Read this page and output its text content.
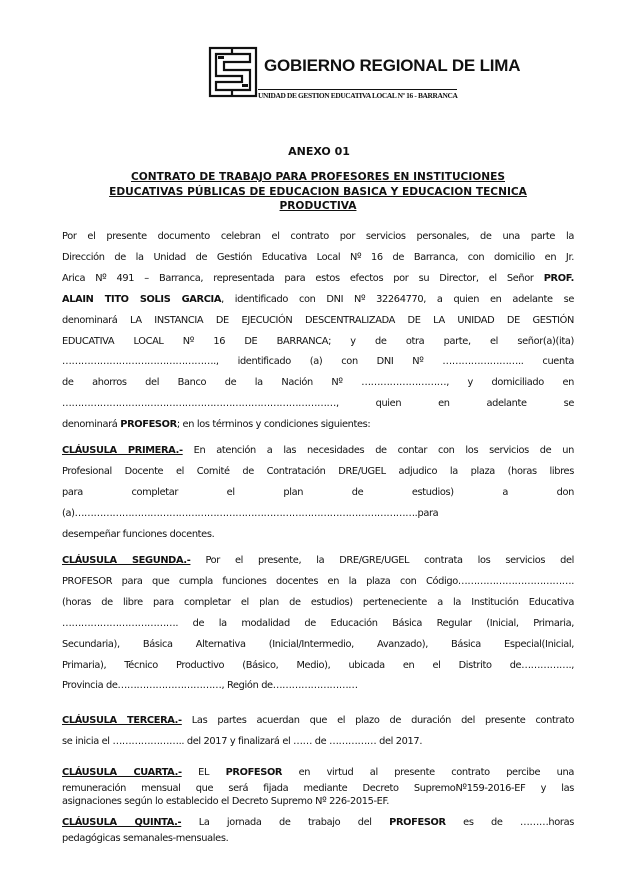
GOBIERNO REGIONAL DE LIMA
UNIDAD DE GESTION EDUCATIVA LOCAL Nº 16 - BARRANCA
ANEXO 01
CONTRATO DE TRABAJO PARA PROFESORES EN INSTITUCIONES
EDUCATIVAS PÚBLICAS DE EDUCACION BASICA Y EDUCACION TECNICA
PRODUCTIVA

Por el presente documento celebran el contrato por servicios personales, de una parte la

Dirección de la Unidad de Gestión Educativa Local Nº 16 de Barranca, con domicilio en Jr.

Arica Nº 491 – Barranca, representada para estos efectos por su Director, el Señor PROF.

ALAIN TITO SOLIS GARCIA, identificado con DNI Nº 32264770, a quien en adelante se

denominará LA INSTANCIA DE EJECUCIÓN DESCENTRALIZADA DE LA UNIDAD DE GESTIÓN

EDUCATIVA LOCAL Nº 16 DE BARRANCA; y de otra parte, el señor(a)(ita)

…………………………………………., identificado (a) con DNI Nº …………………….. cuenta

de ahorros del Banco de la Nación Nº ………………………, y domiciliado en

……………………………………………………………………………, quien en adelante se

denominará PROFESOR; en los términos y condiciones siguientes:

CLÁUSULA PRIMERA.- En atención a las necesidades de contar con los servicios de un

Profesional Docente el Comité de Contratación DRE/UGEL adjudico la plaza (horas libres

para completar el plan de estudios) a don

(a)……………………………………………………………………………………………….para

desempeñar funciones docentes.

CLÁUSULA SEGUNDA.- Por el presente, la DRE/GRE/UGEL contrata los servicios del

PROFESOR para que cumpla funciones docentes en la plaza con Código……………………………….

(horas de libre para completar el plan de estudios) perteneciente a la Institución Educativa

………………………………. de la modalidad de Educación Básica Regular (Inicial, Primaria,

Secundaria), Básica Alternativa (Inicial/Intermedio, Avanzado), Básica Especial(Inicial,

Primaria), Técnico Productivo (Básico, Medio), ubicada en el Distrito de…………….,

Provincia de……………………………, Región de………………………

CLÁUSULA TERCERA.- Las partes acuerdan que el plazo de duración del presente contrato

se inicia el ………………….. del 2017 y finalizará el …… de …………… del 2017.

CLÁUSULA CUARTA.- EL PROFESOR en virtud al presente contrato percibe una

remuneración mensual que será fijada mediante Decreto SupremoNº159-2016-EF y las

asignaciones según lo establecido el Decreto Supremo Nº 226-2015-EF.

CLÁUSULA QUINTA.- La jornada de trabajo del PROFESOR es de ………horas

pedagógicas semanales-mensuales.
